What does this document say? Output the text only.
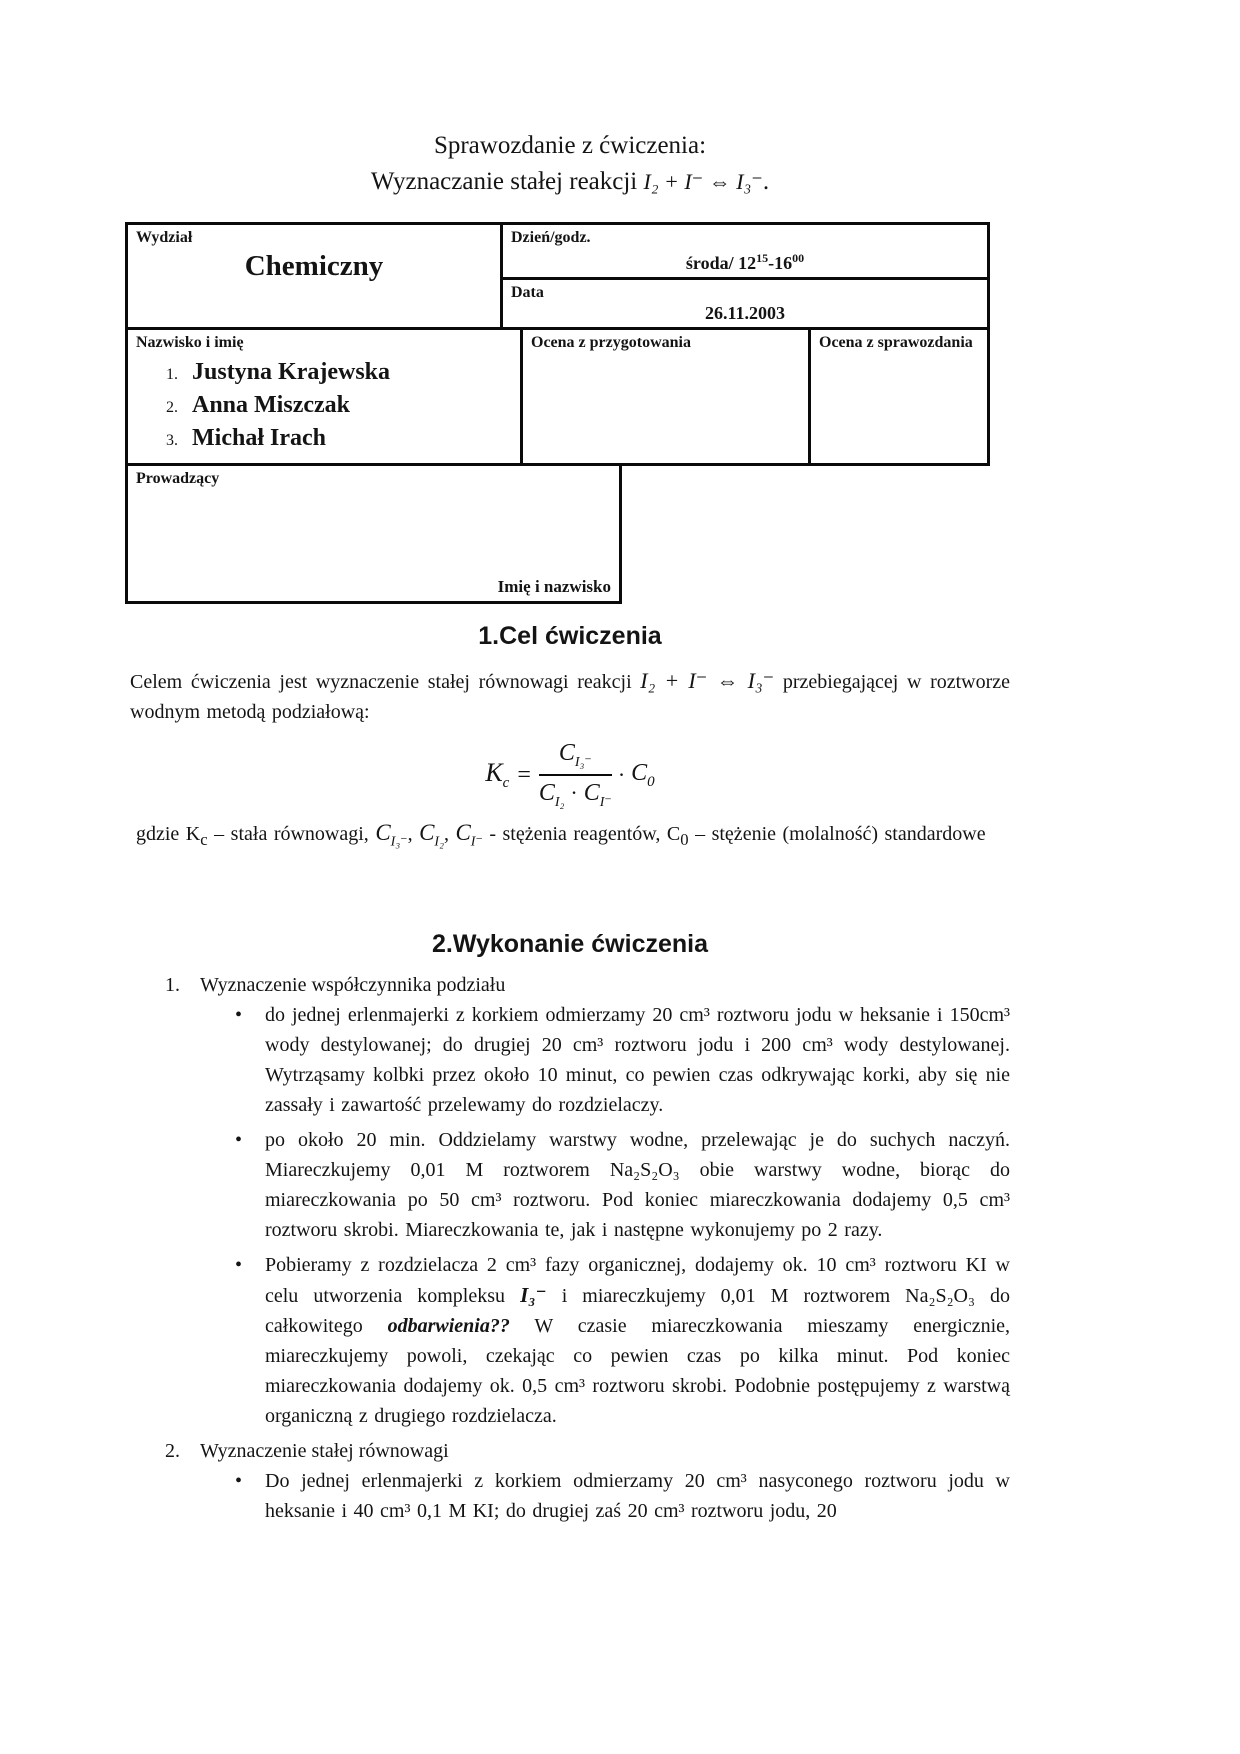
Sprawozdanie z ćwiczenia:
Wyznaczanie stałej reakcji I₂ + I⁻ ⇔ I₃⁻.
Wydział
Chemiczny
Dzień/godz.
środa/ $12^{15}-16^{00}$
Data
26.11.2003
Nazwisko i imię
1. Justyna Krajewska
2. Anna Miszczak
3. Michał Irach
Ocena z przygotowania	Ocena z sprawozdania
Prowadzący
Imię i nazwisko
1.Cel ćwiczenia
Celem ćwiczenia jest wyznaczenie stałej równowagi reakcji I₂ + I⁻ ⇔ I₃⁻ przebiegającej w roztworze wodnym metodą podziałową:
$K_c = \frac{C_{I_3^-}}{C_{I_2} \cdot C_{I^-}} \cdot C_0$
gdzie $K_c$ – stała równowagi, $C_{I_3^-}$, $C_{I_2}$, $C_{I^-}$ - stężenia reagentów, $C_0$ – stężenie (molalność) standardowe
2.Wykonanie ćwiczenia
1.	Wyznaczenie współczynnika podziału
•	do jednej erlenmajerki z korkiem odmierzamy 20 cm³ roztworu jodu w heksanie i 150cm³ wody destylowanej; do drugiej 20 cm³ roztworu jodu i 200 cm³ wody destylowanej. Wytrząsamy kolbki przez około 10 minut, co pewien czas odkrywając korki, aby się nie zassały i zawartość przelewamy do rozdzielaczy.
•	po około 20 min. Oddzielamy warstwy wodne, przelewając je do suchych naczyń. Miareczkujemy 0,01 M roztworem Na₂S₂O₃ obie warstwy wodne, biorąc do miareczkowania po 50 cm³ roztworu. Pod koniec miareczkowania dodajemy 0,5 cm³ roztworu skrobi. Miareczkowania te, jak i następne wykonujemy po 2 razy.
•	Pobieramy z rozdzielacza 2 cm³ fazy organicznej, dodajemy ok. 10 cm³ roztworu KI w celu utworzenia kompleksu I₃⁻ i miareczkujemy 0,01 M roztworem Na₂S₂O₃ do całkowitego odbarwienia?? W czasie miareczkowania mieszamy energicznie, miareczkujemy powoli, czekając co pewien czas po kilka minut. Pod koniec miareczkowania dodajemy ok. 0,5 cm³ roztworu skrobi. Podobnie postępujemy z warstwą organiczną z drugiego rozdzielacza.
2.	Wyznaczenie stałej równowagi
•	Do jednej erlenmajerki z korkiem odmierzamy 20 cm³ nasyconego roztworu jodu w heksanie i 40 cm³ 0,1 M KI; do drugiej zaś 20 cm³ roztworu jodu, 20
